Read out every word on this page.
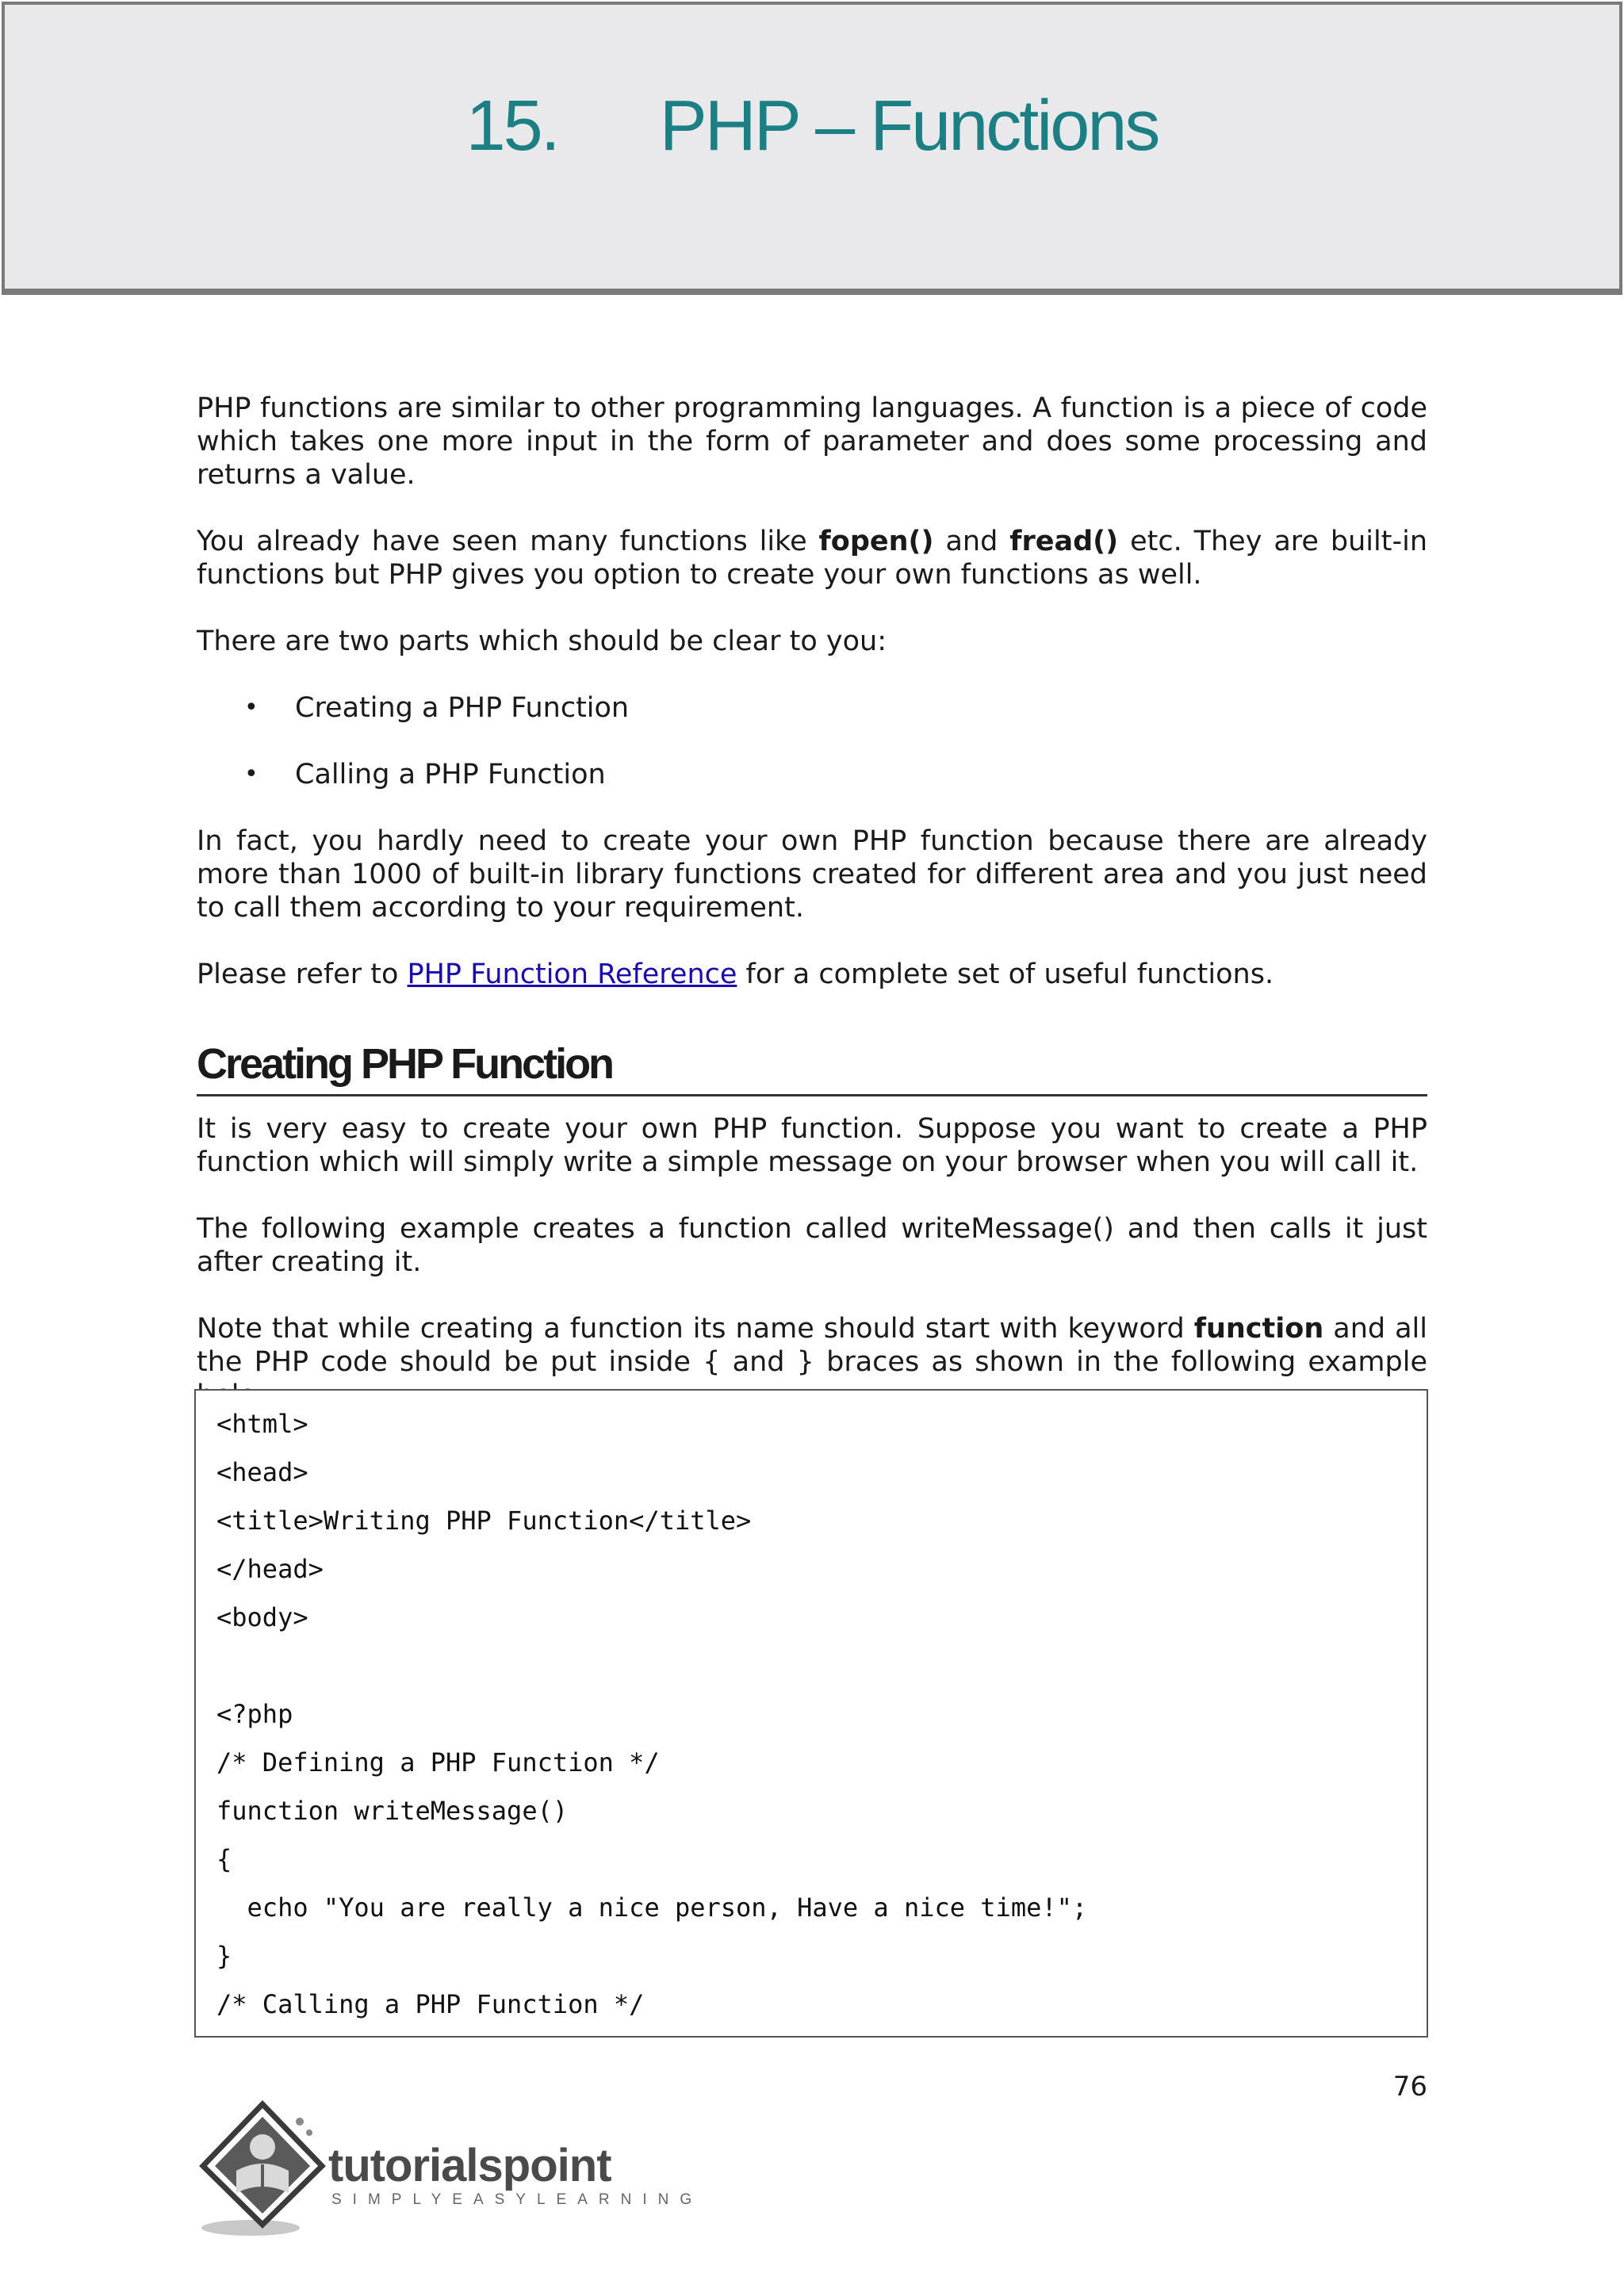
15. PHP – Functions

PHP functions are similar to other programming languages. A function is a piece of code which takes one more input in the form of parameter and does some processing and returns a value.

You already have seen many functions like fopen() and fread() etc. They are built-in functions but PHP gives you option to create your own functions as well.

There are two parts which should be clear to you:

• Creating a PHP Function
• Calling a PHP Function

In fact, you hardly need to create your own PHP function because there are already more than 1000 of built-in library functions created for different area and you just need to call them according to your requirement.

Please refer to PHP Function Reference for a complete set of useful functions.

Creating PHP Function

It is very easy to create your own PHP function. Suppose you want to create a PHP function which will simply write a simple message on your browser when you will call it.

The following example creates a function called writeMessage() and then calls it just after creating it.

Note that while creating a function its name should start with keyword function and all the PHP code should be put inside { and } braces as shown in the following example

<html>
<head>
<title>Writing PHP Function</title>
</head>
<body>
<?php
/* Defining a PHP Function */
function writeMessage()
{
echo "You are really a nice person, Have a nice time!";
}
/* Calling a PHP Function */
76
tutorialspoint
SIMPLYEASYLEARNING
